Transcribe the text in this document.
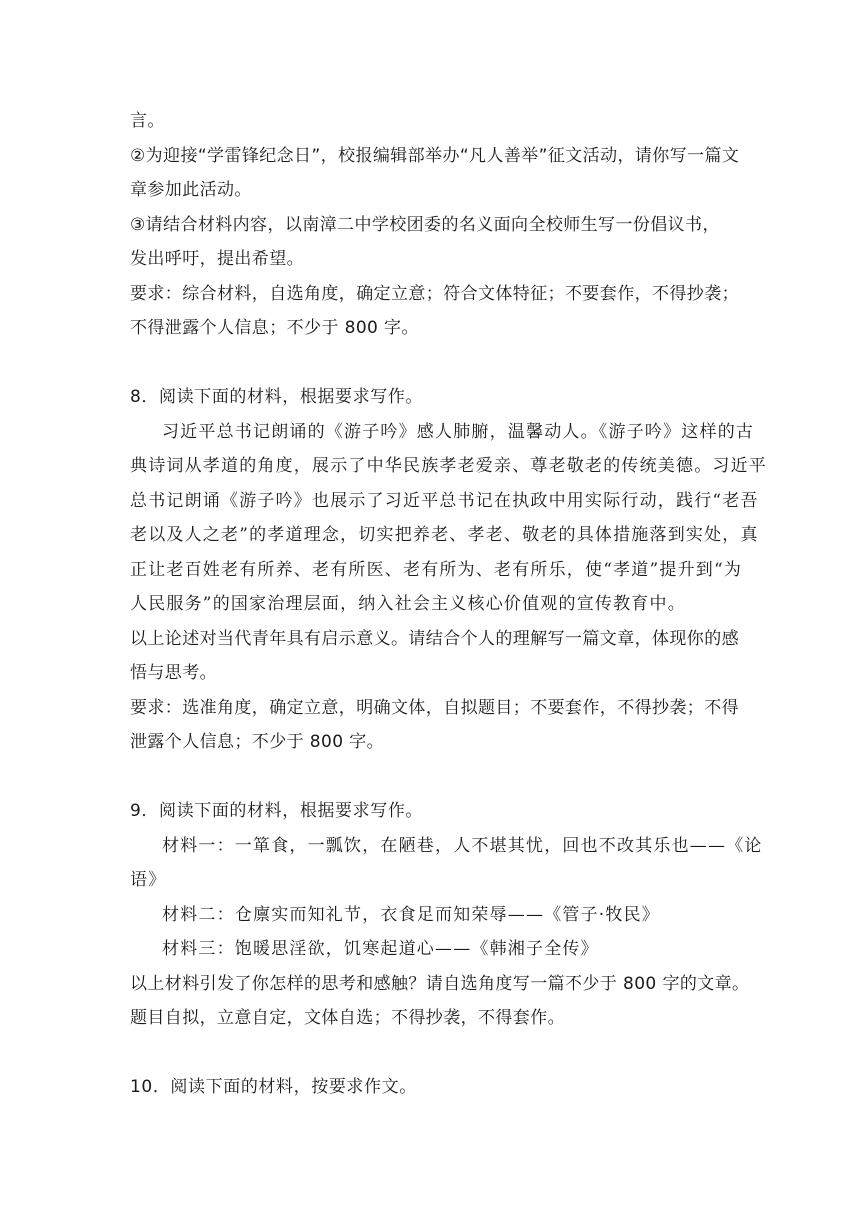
言。
②为迎接“学雷锋纪念日”，校报编辑部举办“凡人善举”征文活动，请你写一篇文
章参加此活动。
③请结合材料内容，以南漳二中学校团委的名义面向全校师生写一份倡议书，
发出呼吁，提出希望。
要求：综合材料，自选角度，确定立意；符合文体特征；不要套作，不得抄袭；
不得泄露个人信息；不少于 800 字。
8．阅读下面的材料，根据要求写作。
习近平总书记朗诵的《游子吟》感人肺腑，温馨动人。《游子吟》这样的古
典诗词从孝道的角度，展示了中华民族孝老爱亲、尊老敬老的传统美德。习近平
总书记朗诵《游子吟》也展示了习近平总书记在执政中用实际行动，践行“老吾
老以及人之老”的孝道理念，切实把养老、孝老、敬老的具体措施落到实处，真
正让老百姓老有所养、老有所医、老有所为、老有所乐，使“孝道”提升到“为
人民服务”的国家治理层面，纳入社会主义核心价值观的宣传教育中。
以上论述对当代青年具有启示意义。请结合个人的理解写一篇文章，体现你的感
悟与思考。
要求：选准角度，确定立意，明确文体，自拟题目；不要套作，不得抄袭；不得
泄露个人信息；不少于 800 字。
9．阅读下面的材料，根据要求写作。
材料一：一箪食，一瓢饮，在陋巷，人不堪其忧，回也不改其乐也——《论
语》
材料二：仓廪实而知礼节，衣食足而知荣辱——《管子·牧民》
材料三：饱暖思淫欲，饥寒起道心——《韩湘子全传》
以上材料引发了你怎样的思考和感触？请自选角度写一篇不少于 800 字的文章。
题目自拟，立意自定，文体自选；不得抄袭，不得套作。
10．阅读下面的材料，按要求作文。
